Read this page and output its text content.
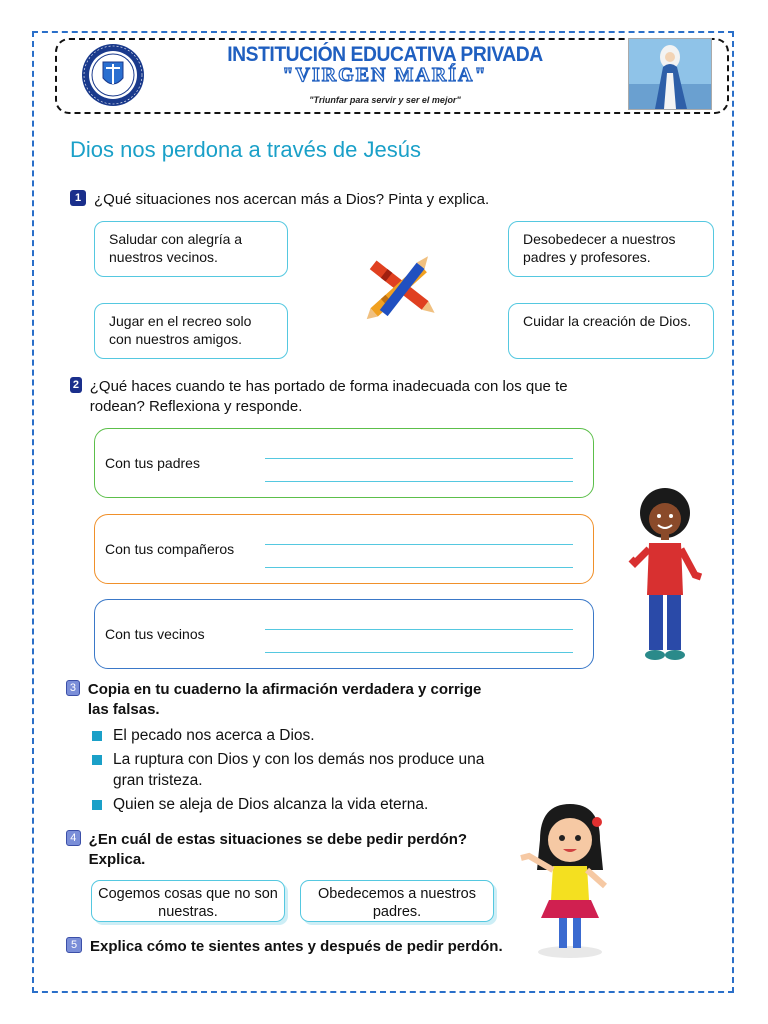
INSTITUCIÓN EDUCATIVA PRIVADA
"VIRGEN MARÍA"
"Triunfar para servir y ser el mejor"
Dios nos perdona a través de Jesús
1 ¿Qué situaciones nos acercan más a Dios? Pinta y explica.
Saludar con alegría a nuestros vecinos.
Jugar en el recreo solo con nuestros amigos.
Desobedecer a nuestros padres y profesores.
Cuidar la creación de Dios.
2 ¿Qué haces cuando te has portado de forma inadecuada con los que te rodean? Reflexiona y responde.
Con tus padres
Con tus compañeros
Con tus vecinos
3 Copia en tu cuaderno la afirmación verdadera y corrige las falsas.
El pecado nos acerca a Dios.
La ruptura con Dios y con los demás nos produce una gran tristeza.
Quien se aleja de Dios alcanza la vida eterna.
4 ¿En cuál de estas situaciones se debe pedir perdón? Explica.
Cogemos cosas que no son nuestras.
Obedecemos a nuestros padres.
5 Explica cómo te sientes antes y después de pedir perdón.
